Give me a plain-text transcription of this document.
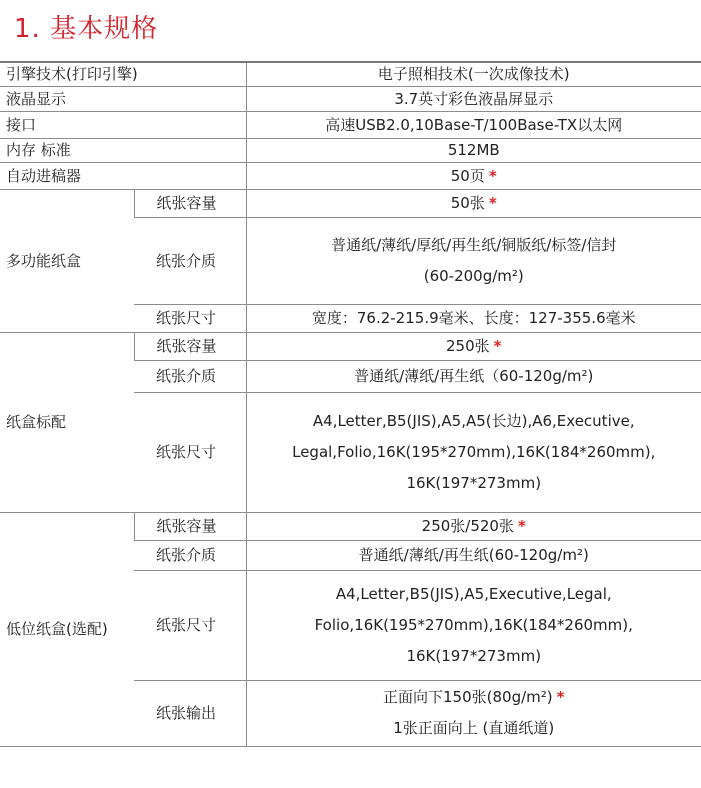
1. 基本规格
引擎技术(打印引擎)		电子照相技术(一次成像技术)
液晶显示		3.7英寸彩色液晶屏显示
接口		高速USB2.0,10Base-T/100Base-TX以太网
内存 标准		512MB
自动进稿器		50页 *
多功能纸盒	纸张容量	50张 *
	纸张介质	普通纸/薄纸/厚纸/再生纸/铜版纸/标签/信封
(60-200g/m²)

	纸张尺寸	宽度：76.2-215.9毫米、长度：127-355.6毫米
纸盒标配	纸张容量	250张 *
	纸张介质	普通纸/薄纸/再生纸（60-120g/m²)
	纸张尺寸	A4,Letter,B5(JIS),A5,A5(长边),A6,Executive,
Legal,Folio,16K(195*270mm),16K(184*260mm),
16K(197*273mm)

低位纸盒(选配)	纸张容量	250张/520张 *
	纸张介质	普通纸/薄纸/再生纸(60-120g/m²)
	纸张尺寸	A4,Letter,B5(JIS),A5,Executive,Legal,
Folio,16K(195*270mm),16K(184*260mm),
16K(197*273mm)

	纸张输出	正面向下150张(80g/m²) *
1张正面向上 (直通纸道)
